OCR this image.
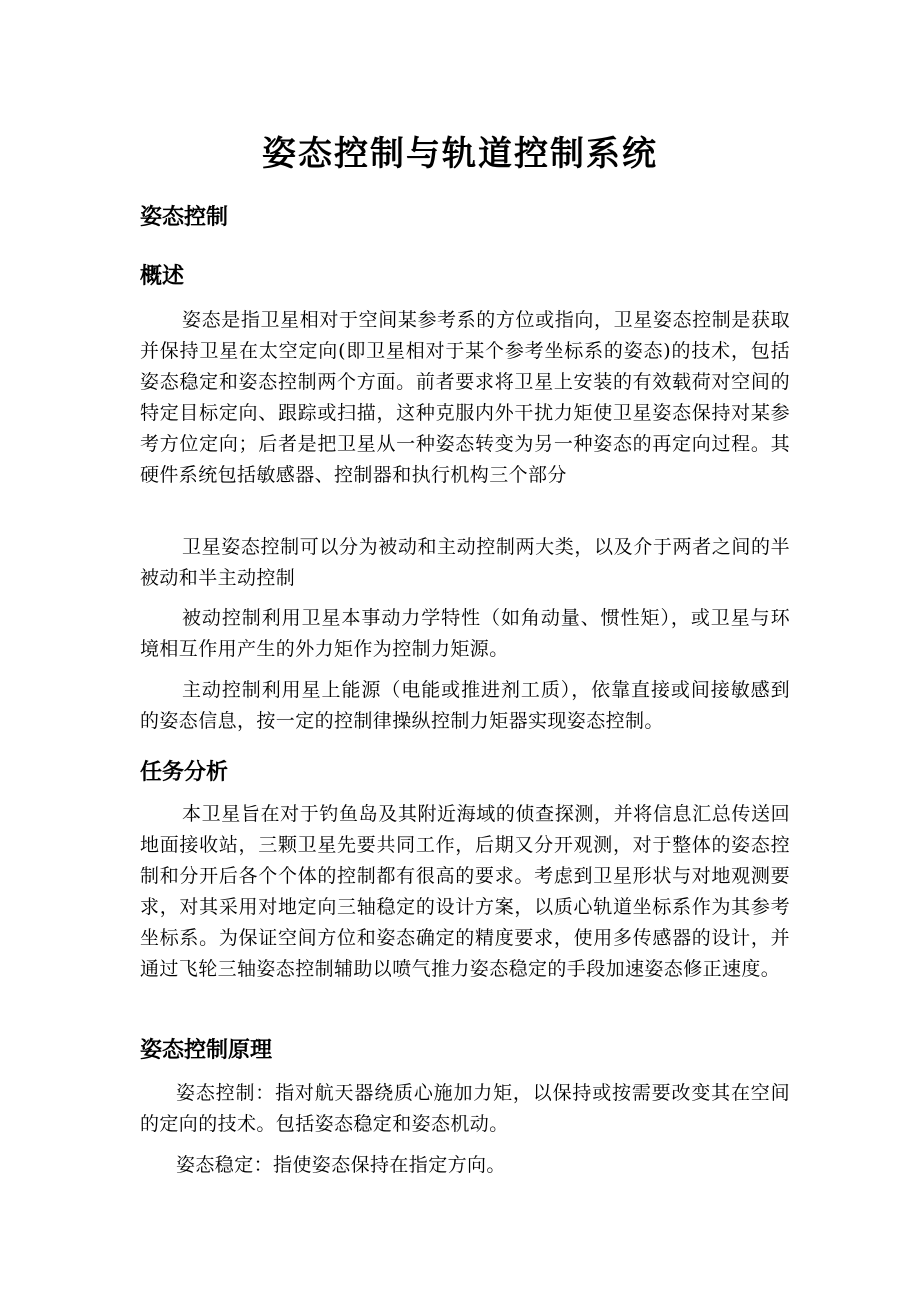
姿态控制与轨道控制系统
姿态控制
概述

姿态是指卫星相对于空间某参考系的方位或指向，卫星姿态控制是获取并保持卫星在太空定向(即卫星相对于某个参考坐标系的姿态)的技术，包括姿态稳定和姿态控制两个方面。前者要求将卫星上安装的有效载荷对空间的特定目标定向、跟踪或扫描，这种克服内外干扰力矩使卫星姿态保持对某参考方位定向；后者是把卫星从一种姿态转变为另一种姿态的再定向过程。其硬件系统包括敏感器、控制器和执行机构三个部分

卫星姿态控制可以分为被动和主动控制两大类，以及介于两者之间的半被动和半主动控制

被动控制利用卫星本事动力学特性（如角动量、惯性矩），或卫星与环境相互作用产生的外力矩作为控制力矩源。

主动控制利用星上能源（电能或推进剂工质），依靠直接或间接敏感到的姿态信息，按一定的控制律操纵控制力矩器实现姿态控制。

任务分析

本卫星旨在对于钓鱼岛及其附近海域的侦查探测，并将信息汇总传送回地面接收站，三颗卫星先要共同工作，后期又分开观测，对于整体的姿态控制和分开后各个个体的控制都有很高的要求。考虑到卫星形状与对地观测要求，对其采用对地定向三轴稳定的设计方案，以质心轨道坐标系作为其参考坐标系。为保证空间方位和姿态确定的精度要求，使用多传感器的设计，并通过飞轮三轴姿态控制辅助以喷气推力姿态稳定的手段加速姿态修正速度。

姿态控制原理

姿态控制：指对航天器绕质心施加力矩，以保持或按需要改变其在空间的定向的技术。包括姿态稳定和姿态机动。

姿态稳定：指使姿态保持在指定方向。
